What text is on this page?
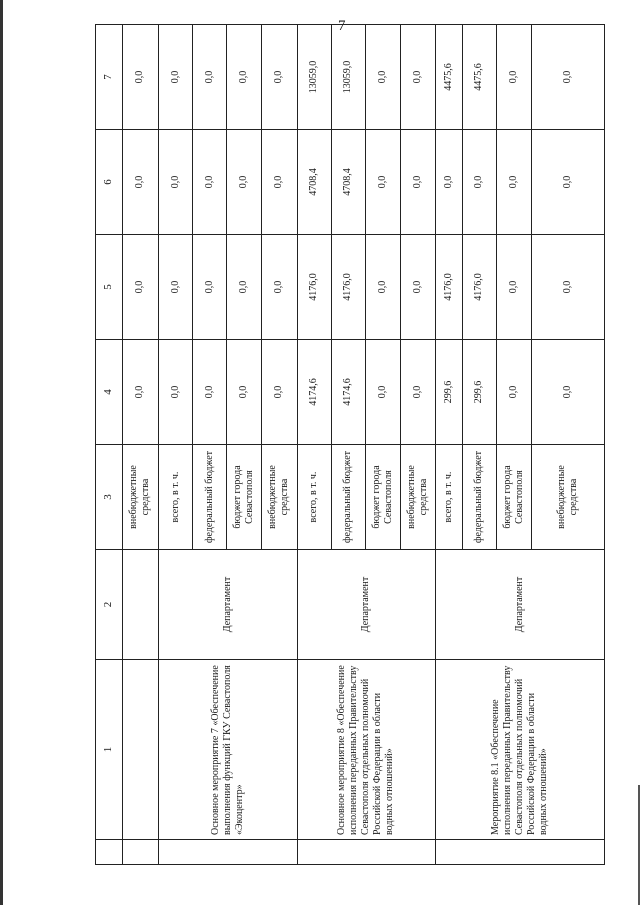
7
	1	2	3	4	5	6	7
			внебюджетные средства	0,0	0,0	0,0	0,0
	Основное мероприятие 7 «Обеспечение выполнения функций ГКУ Севастополя «Экоцентр»	Департамент	всего, в т. ч.	0,0	0,0	0,0	0,0
			федеральный бюджет	0,0	0,0	0,0	0,0
			бюджет города Севастополя	0,0	0,0	0,0	0,0
			внебюджетные средства	0,0	0,0	0,0	0,0
	Основное мероприятие 8 «Обеспечение исполнения переданных Правительству Севастополя отдельных полномочий Российской Федерации в области водных отношений»	Департамент	всего, в т. ч.	4174,6	4176,0	4708,4	13059,0
			федеральный бюджет	4174,6	4176,0	4708,4	13059,0
			бюджет города Севастополя	0,0	0,0	0,0	0,0
			внебюджетные средства	0,0	0,0	0,0	0,0
	Мероприятие 8.1 «Обеспечение исполнения переданных Правительству Севастополя отдельных полномочий Российской Федерации в области водных отношений»	Департамент	всего, в т. ч.	299,6	4176,0	0,0	4475,6
			федеральный бюджет	299,6	4176,0	0,0	4475,6
			бюджет города Севастополя	0,0	0,0	0,0	0,0
			внебюджетные средства	0,0	0,0	0,0	0,0
